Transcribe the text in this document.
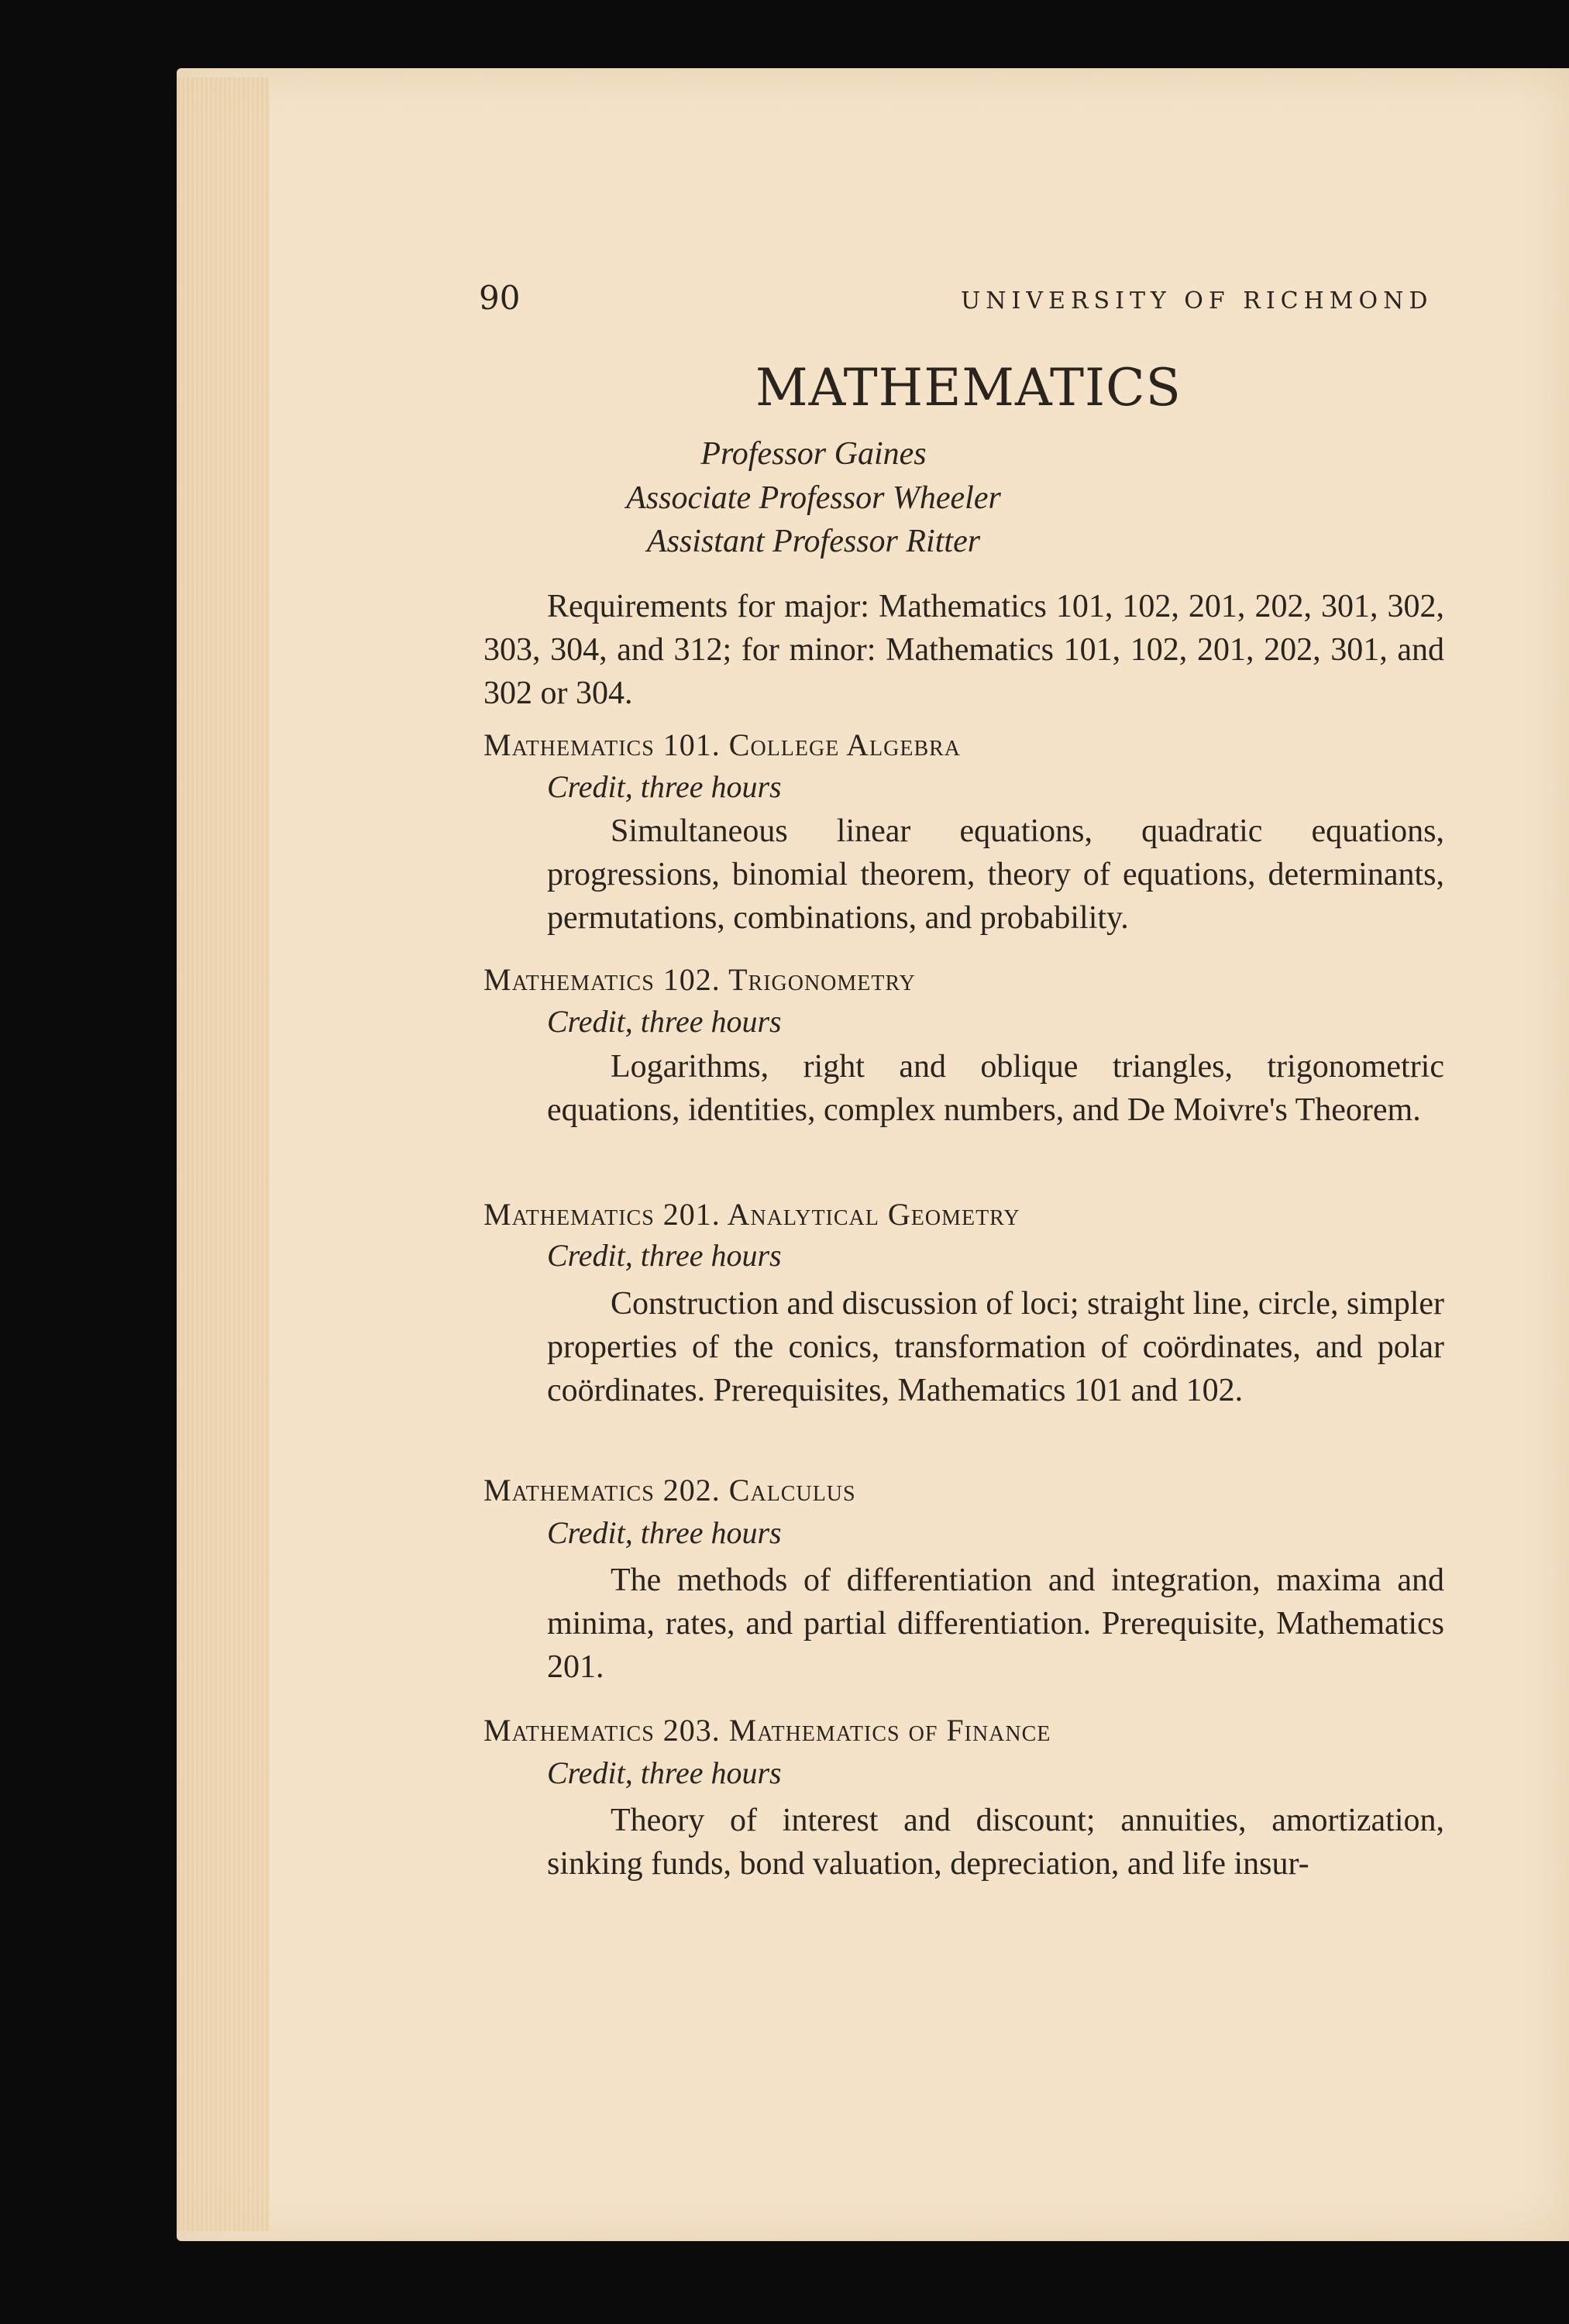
90	UNIVERSITY OF RICHMOND
MATHEMATICS
Professor Gaines
Associate Professor Wheeler
Assistant Professor Ritter
Requirements for major: Mathematics 101, 102, 201, 202, 301, 302, 303, 304, and 312; for minor: Mathematics 101, 102, 201, 202, 301, and 302 or 304.
Mathematics 101. College Algebra
Credit, three hours
Simultaneous linear equations, quadratic equations, progressions, binomial theorem, theory of equations, determinants, permutations, combinations, and probability.
Mathematics 102. Trigonometry
Credit, three hours
Logarithms, right and oblique triangles, trigonometric equations, identities, complex numbers, and De Moivre's Theorem.
Mathematics 201. Analytical Geometry
Credit, three hours
Construction and discussion of loci; straight line, circle, simpler properties of the conics, transformation of coördinates, and polar coördinates. Prerequisites, Mathematics 101 and 102.
Mathematics 202. Calculus
Credit, three hours
The methods of differentiation and integration, maxima and minima, rates, and partial differentiation. Prerequisite, Mathematics 201.
Mathematics 203. Mathematics of Finance
Credit, three hours
Theory of interest and discount; annuities, amortization, sinking funds, bond valuation, depreciation, and life insur-
